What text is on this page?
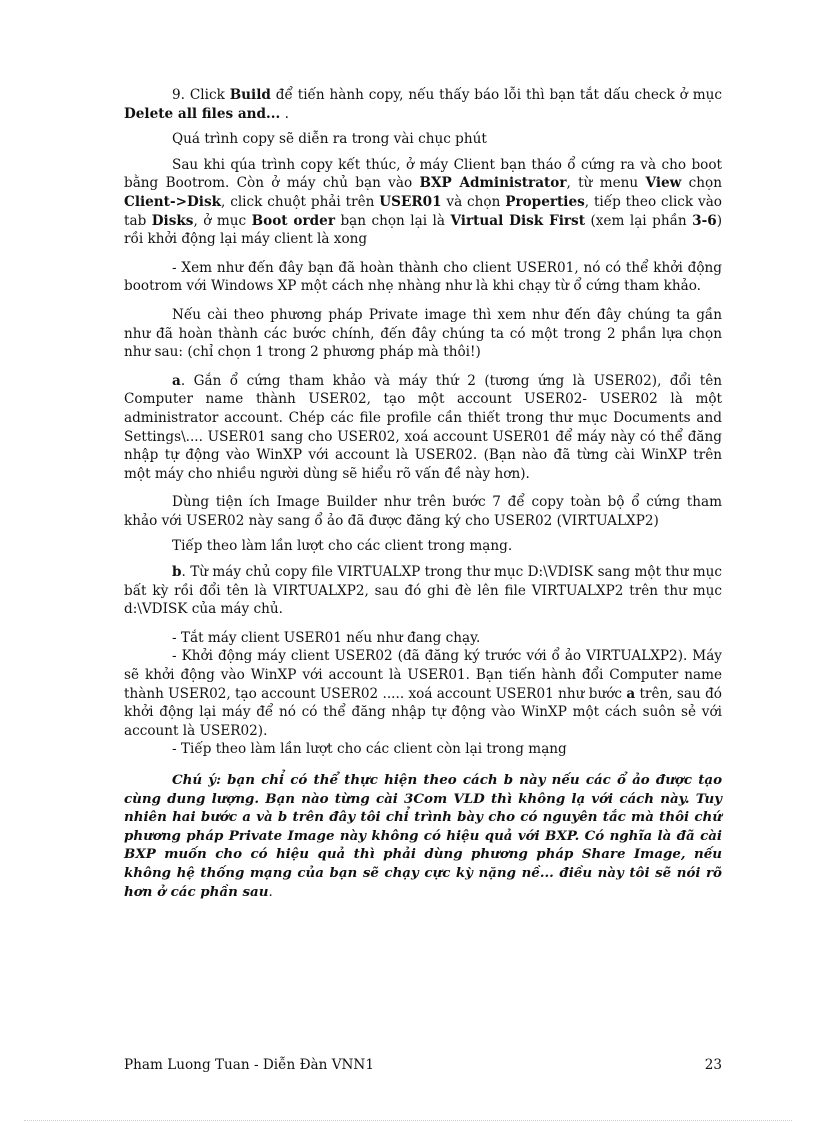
9. Click Build để tiến hành copy, nếu thấy báo lỗi thì bạn tắt dấu check ở mục Delete all files and... .

Quá trình copy sẽ diễn ra trong vài chục phút

Sau khi qúa trình copy kết thúc, ở máy Client bạn tháo ổ cứng ra và cho boot bằng Bootrom. Còn ở máy chủ bạn vào BXP Administrator, từ menu View chọn Client->Disk, click chuột phải trên USER01 và chọn Properties, tiếp theo click vào tab Disks, ở mục Boot order bạn chọn lại là Virtual Disk First (xem lại phần 3-6) rồi khởi động lại máy client là xong

- Xem như đến đây bạn đã hoàn thành cho client USER01, nó có thể khởi động bootrom với Windows XP một cách nhẹ nhàng như là khi chạy từ ổ cứng tham khảo.

Nếu cài theo phương pháp Private image thì xem như đến đây chúng ta gần như đã hoàn thành các bước chính, đến đây chúng ta có một trong 2 phần lựa chọn như sau: (chỉ chọn 1 trong 2 phương pháp mà thôi!)

a. Gắn ổ cứng tham khảo và máy thứ 2 (tương ứng là USER02), đổi tên Computer name thành USER02, tạo một account USER02- USER02 là một administrator account. Chép các file profile cần thiết trong thư mục Documents and Settings\.... USER01 sang cho USER02, xoá account USER01 để máy này có thể đăng nhập tự động vào WinXP với account là USER02. (Bạn nào đã từng cài WinXP trên một máy cho nhiều người dùng sẽ hiểu rõ vấn đề này hơn).

Dùng tiện ích Image Builder như trên bước 7 để copy toàn bộ ổ cứng tham khảo với USER02 này sang ổ ảo đã được đăng ký cho USER02 (VIRTUALXP2)

Tiếp theo làm lần lượt cho các client trong mạng.

b. Từ máy chủ copy file VIRTUALXP trong thư mục D:\VDISK sang một thư mục bất kỳ rồi đổi tên là VIRTUALXP2, sau đó ghi đè lên file VIRTUALXP2 trên thư mục d:\VDISK của máy chủ.

- Tắt máy client USER01 nếu như đang chạy.

- Khởi động máy client USER02 (đã đăng ký trước với ổ ảo VIRTUALXP2). Máy sẽ khởi động vào WinXP với account là USER01. Bạn tiến hành đổi Computer name thành USER02, tạo account USER02 ..... xoá account USER01 như bước a trên, sau đó khởi động lại máy để nó có thể đăng nhập tự động vào WinXP một cách suôn sẻ với account là USER02).

- Tiếp theo làm lần lượt cho các client còn lại trong mạng

Chú ý: bạn chỉ có thể thực hiện theo cách b này nếu các ổ ảo được tạo cùng dung lượng. Bạn nào từng cài 3Com VLD thì không lạ với cách này. Tuy nhiên hai bước a và b trên đây tôi chỉ trình bày cho có nguyên tắc mà thôi chứ phương pháp Private Image này không có hiệu quả với BXP. Có nghĩa là đã cài BXP muốn cho có hiệu quả thì phải dùng phương pháp Share Image, nếu không hệ thống mạng của bạn sẽ chạy cực kỳ nặng nề... điều này tôi sẽ nói rõ hơn ở các phần sau.

Pham Luong Tuan - Diễn Đàn VNN1	23
